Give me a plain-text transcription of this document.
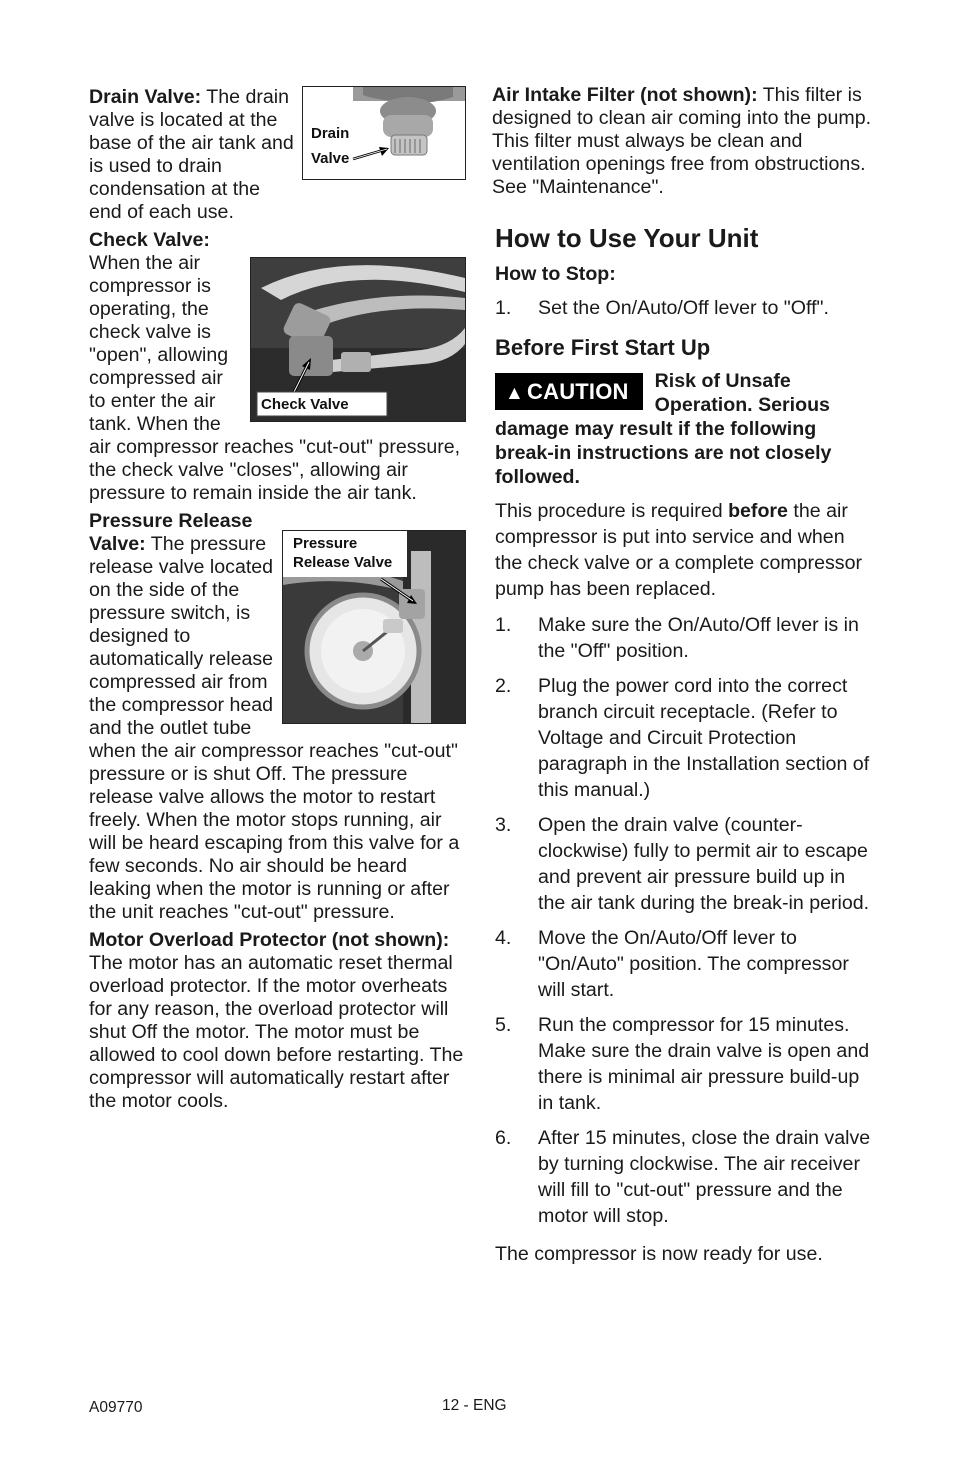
Drain
Valve

Drain Valve: The drain valve is located at the base of the air tank and is used to drain condensation at the end of each use.

Check Valve

Check Valve: When the air compressor is operating, the check valve is "open", allowing compressed air to enter the air tank. When the air compressor reaches "cut-out" pressure, the check valve "closes", allowing air pressure to remain inside the air tank.

Pressure
Release Valve

Pressure Release Valve: The pressure release valve located on the side of the pressure switch, is designed to automatically release compressed air from the compressor head and the outlet tube when the air compressor reaches "cut-out" pressure or is shut Off. The pressure release valve allows the motor to restart freely. When the motor stops running, air will be heard escaping from this valve for a few seconds. No air should be heard leaking when the motor is running or after the unit reaches "cut-out" pressure.

Motor Overload Protector (not shown): The motor has an automatic reset thermal overload protector. If the motor overheats for any reason, the overload protector will shut Off the motor. The motor must be allowed to cool down before restarting. The compressor will automatically restart after the motor cools.

Air Intake Filter (not shown): This filter is designed to clean air coming into the pump. This filter must always be clean and ventilation openings free from obstructions. See "Maintenance".

How to Use Your Unit
How to Stop:
1. Set the On/Auto/Off lever to "Off".
Before First Start Up
▲ CAUTION	Risk of Unsafe Operation. Serious damage may result if the following break-in instructions are not closely followed.

This procedure is required before the air compressor is put into service and when the check valve or a complete compressor pump has been replaced.

1. Make sure the On/Auto/Off lever is in the "Off" position.
2. Plug the power cord into the correct branch circuit receptacle. (Refer to Voltage and Circuit Protection paragraph in the Installation section of this manual.)
3. Open the drain valve (counter-clockwise) fully to permit air to escape and prevent air pressure build up in the air tank during the break-in period.
4. Move the On/Auto/Off lever to "On/Auto" position. The compressor will start.
5. Run the compressor for 15 minutes. Make sure the drain valve is open and there is minimal air pressure build-up in tank.
6. After 15 minutes, close the drain valve by turning clockwise. The air receiver will fill to "cut-out" pressure and the motor will stop.

The compressor is now ready for use.

A09770	12 - ENG
